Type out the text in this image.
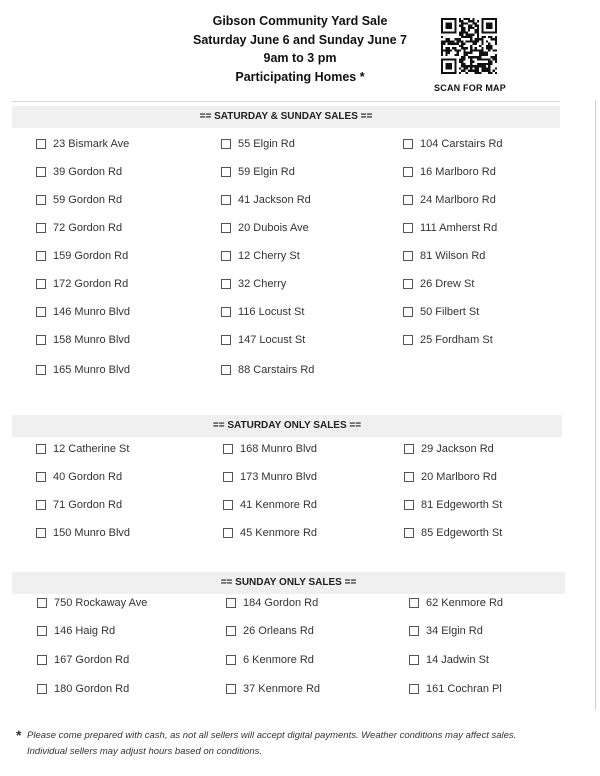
Gibson Community Yard Sale
Saturday June 6 and Sunday June 7
9am to 3 pm
Participating Homes *
SCAN FOR MAP
== SATURDAY & SUNDAY SALES ==
23 Bismark Ave
39 Gordon Rd
59 Gordon Rd
72 Gordon Rd
159 Gordon Rd
172 Gordon Rd
146 Munro Blvd
158 Munro Blvd
165 Munro Blvd
55 Elgin Rd
59 Elgin Rd
41 Jackson Rd
20 Dubois Ave
12 Cherry St
32 Cherry
116 Locust St
147 Locust St
88 Carstairs Rd
104 Carstairs Rd
16 Marlboro Rd
24 Marlboro Rd
111 Amherst Rd
81 Wilson Rd
26 Drew St
50 Filbert St
25 Fordham St
== SATURDAY ONLY SALES ==
12 Catherine St
40 Gordon Rd
71 Gordon Rd
150 Munro Blvd
168 Munro Blvd
173 Munro Blvd
41 Kenmore Rd
45 Kenmore Rd
29 Jackson Rd
20 Marlboro Rd
81 Edgeworth St
85 Edgeworth St
== SUNDAY ONLY SALES ==
750 Rockaway Ave
146 Haig Rd
167 Gordon Rd
180 Gordon Rd
184 Gordon Rd
26 Orleans Rd
6 Kenmore Rd
37 Kenmore Rd
62 Kenmore Rd
34 Elgin Rd
14 Jadwin St
161 Cochran Pl
* Please come prepared with cash, as not all sellers will accept digital payments. Weather conditions may affect sales.
Individual sellers may adjust hours based on conditions.
